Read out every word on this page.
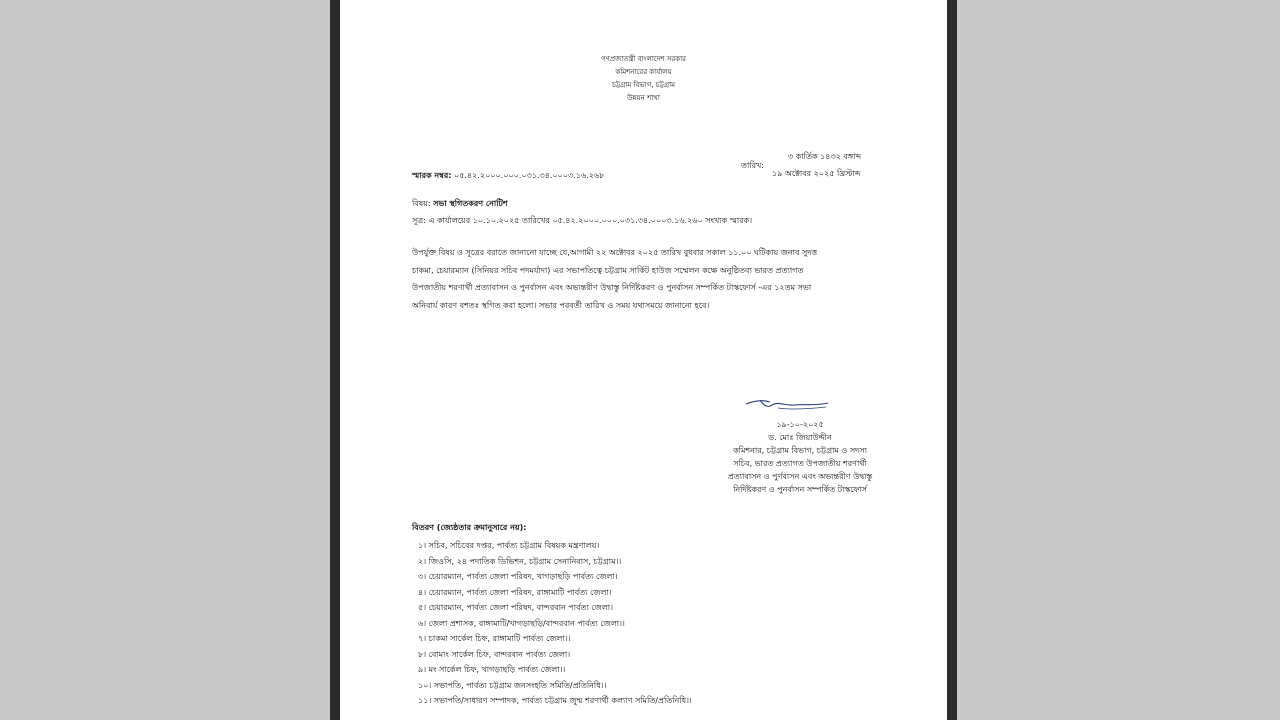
গণপ্রজাতন্ত্রী বাংলাদেশ সরকার
কমিশনারের কার্যালয়
চট্টগ্রাম বিভাগ, চট্টগ্রাম
উন্নয়ন শাখা
তারিখ:
৩ কার্তিক ১৪৩২ বঙ্গাব্দ
১৯ অক্টোবর ২০২৫ খ্রিস্টাব্দ
স্মারক নম্বর: ০৫.৪২.২০০০.০০০.০৩১.৩৪.০০০৩.১৬.২৬৮
বিষয়: সভা স্থগিতকরণ নোটিশ
সূত্র: এ কার্যালয়ের ১০.১০.২০২৫ তারিখের ০৫.৪২.২০০০.০০০.০৩১.৩৪.০০০৩.১৬.২৬০ সংখ্যক স্মারক।
উপর্যুক্ত বিষয় ও সূত্রের বরাতে জানানো যাচ্ছে যে,আগামী ২২ অক্টোবর ২০২৫ তারিখ বুধবার সকাল ১১.০০ ঘটিকায় জনাব সুদত্ত
চাকমা, চেয়ারম্যান (সিনিয়র সচিব পদমর্যাদা) এর সভাপতিত্বে চট্টগ্রাম সার্কিট হাউজ সম্মেলন কক্ষে অনুষ্ঠিতব্য ভারত প্রত্যাগত
উপজাতীয় শরণার্থী প্রত্যাবাসন ও পুনর্বাসন এবং অভ্যন্তরীণ উদ্বাস্তু নির্দিষ্টকরণ ও পুনর্বাসন সম্পর্কিত টাস্কফোর্স -এর ১২তম সভা
অনিবার্য কারণ বশতঃ স্থগিত করা হলো। সভার পরবর্তী তারিখ ও সময় যথাসময়ে জানানো হবে।
১৯-১০-২০২৫
ড. মোঃ জিয়াউদ্দীন
কমিশনার, চট্টগ্রাম বিভাগ, চট্টগ্রাম ও সদস্য
সচিব, ভারত প্রত্যাগত উপজাতীয় শরণার্থী
প্রত্যাবাসন ও পুর্ণবাসন এবং অভ্যন্তরীণ উদ্বাস্তু
নির্দিষ্টকরণ ও পুনর্বাসন সম্পর্কিত টাস্কফোর্স
বিতরণ (জ্যেষ্ঠতার ক্রমানুসারে নয়):
১। সচিব, সচিবের দপ্তর, পার্বত্য চট্টগ্রাম বিষয়ক মন্ত্রণালয়।
২। জিওসি, ২৪ পদাতিক ডিভিশন, চট্টগ্রাম সেনানিবাস, চট্টগ্রাম।।
৩। চেয়ারম্যান, পার্বত্য জেলা পরিষদ, খাগড়াছড়ি পার্বত্য জেলা।
৪। চেয়ারম্যান, পার্বত্য জেলা পরিষদ, রাঙ্গামাটি পার্বত্য জেলা।
৫। চেয়ারম্যান, পার্বত্য জেলা পরিষদ, বান্দরবান পার্বত্য জেলা।
৬। জেলা প্রশাসক, রাঙ্গামাটি/খাগড়াছড়ি/বান্দরবান পার্বত্য জেলা।।
৭। চাকমা সার্কেল চিফ, রাঙ্গামাটি পার্বত্য জেলা।।
৮। বোমাং সার্কেল চিফ, বান্দরবান পার্বত্য জেলা।
৯। মং সার্কেল চিফ, খাগড়াছড়ি পার্বত্য জেলা।।
১০। সভাপতি, পার্বত্য চট্টগ্রাম জনসংহতি সমিতি/প্রতিনিধি।।
১১। সভাপতি/সাধারণ সম্পাদক, পার্বত্য চট্টগ্রাম জুম্ম শরণার্থী কল্যাণ সমিতি/প্রতিনিধি।।
